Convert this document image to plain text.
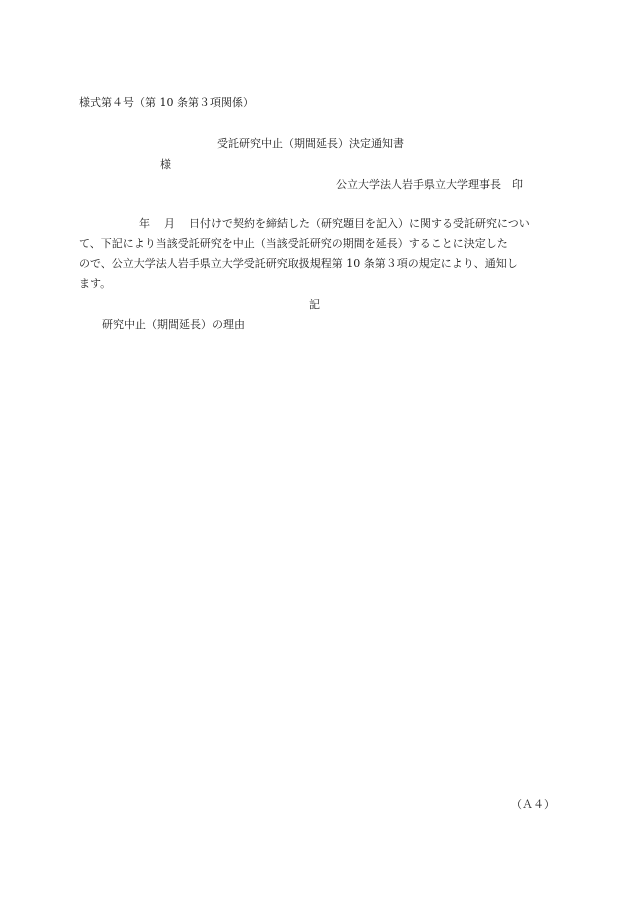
様式第４号（第 10 条第３項関係）
受託研究中止（期間延長）決定通知書
様
公立大学法人岩手県立大学理事長　印
年 月 日付けで契約を締結した（研究題目を記入）に関する受託研究につい
て、下記により当該受託研究を中止（当該受託研究の期間を延長）することに決定した
ので、公立大学法人岩手県立大学受託研究取扱規程第 10 条第３項の規定により、通知し
ます。
記
研究中止（期間延長）の理由
（Ａ４）
